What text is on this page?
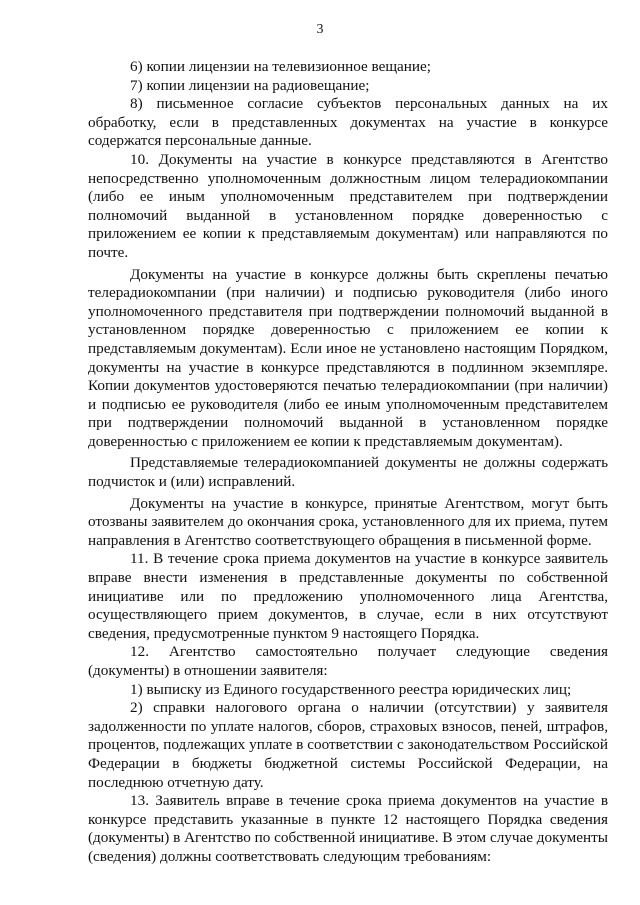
3

6) копии лицензии на телевизионное вещание;

7) копии лицензии на радиовещание;

8) письменное согласие субъектов персональных данных на их обработку, если в представленных документах на участие в конкурсе содержатся персональные данные.

10. Документы на участие в конкурсе представляются в Агентство непосредственно уполномоченным должностным лицом телерадиокомпании (либо ее иным уполномоченным представителем при подтверждении полномочий выданной в установленном порядке доверенностью с приложением ее копии к представляемым документам) или направляются по почте.

Документы на участие в конкурсе должны быть скреплены печатью телерадиокомпании (при наличии) и подписью руководителя (либо иного уполномоченного представителя при подтверждении полномочий выданной в установленном порядке доверенностью с приложением ее копии к представляемым документам). Если иное не установлено настоящим Порядком, документы на участие в конкурсе представляются в подлинном экземпляре. Копии документов удостоверяются печатью телерадиокомпании (при наличии) и подписью ее руководителя (либо ее иным уполномоченным представителем при подтверждении полномочий выданной в установленном порядке доверенностью с приложением ее копии к представляемым документам).

Представляемые телерадиокомпанией документы не должны содержать подчисток и (или) исправлений.

Документы на участие в конкурсе, принятые Агентством, могут быть отозваны заявителем до окончания срока, установленного для их приема, путем направления в Агентство соответствующего обращения в письменной форме.

11. В течение срока приема документов на участие в конкурсе заявитель вправе внести изменения в представленные документы по собственной инициативе или по предложению уполномоченного лица Агентства, осуществляющего прием документов, в случае, если в них отсутствуют сведения, предусмотренные пунктом 9 настоящего Порядка.

12. Агентство самостоятельно получает следующие сведения (документы) в отношении заявителя:

1) выписку из Единого государственного реестра юридических лиц;

2) справки налогового органа о наличии (отсутствии) у заявителя задолженности по уплате налогов, сборов, страховых взносов, пеней, штрафов, процентов, подлежащих уплате в соответствии с законодательством Российской Федерации в бюджеты бюджетной системы Российской Федерации, на последнюю отчетную дату.

13. Заявитель вправе в течение срока приема документов на участие в конкурсе представить указанные в пункте 12 настоящего Порядка сведения (документы) в Агентство по собственной инициативе. В этом случае документы (сведения) должны соответствовать следующим требованиям:
